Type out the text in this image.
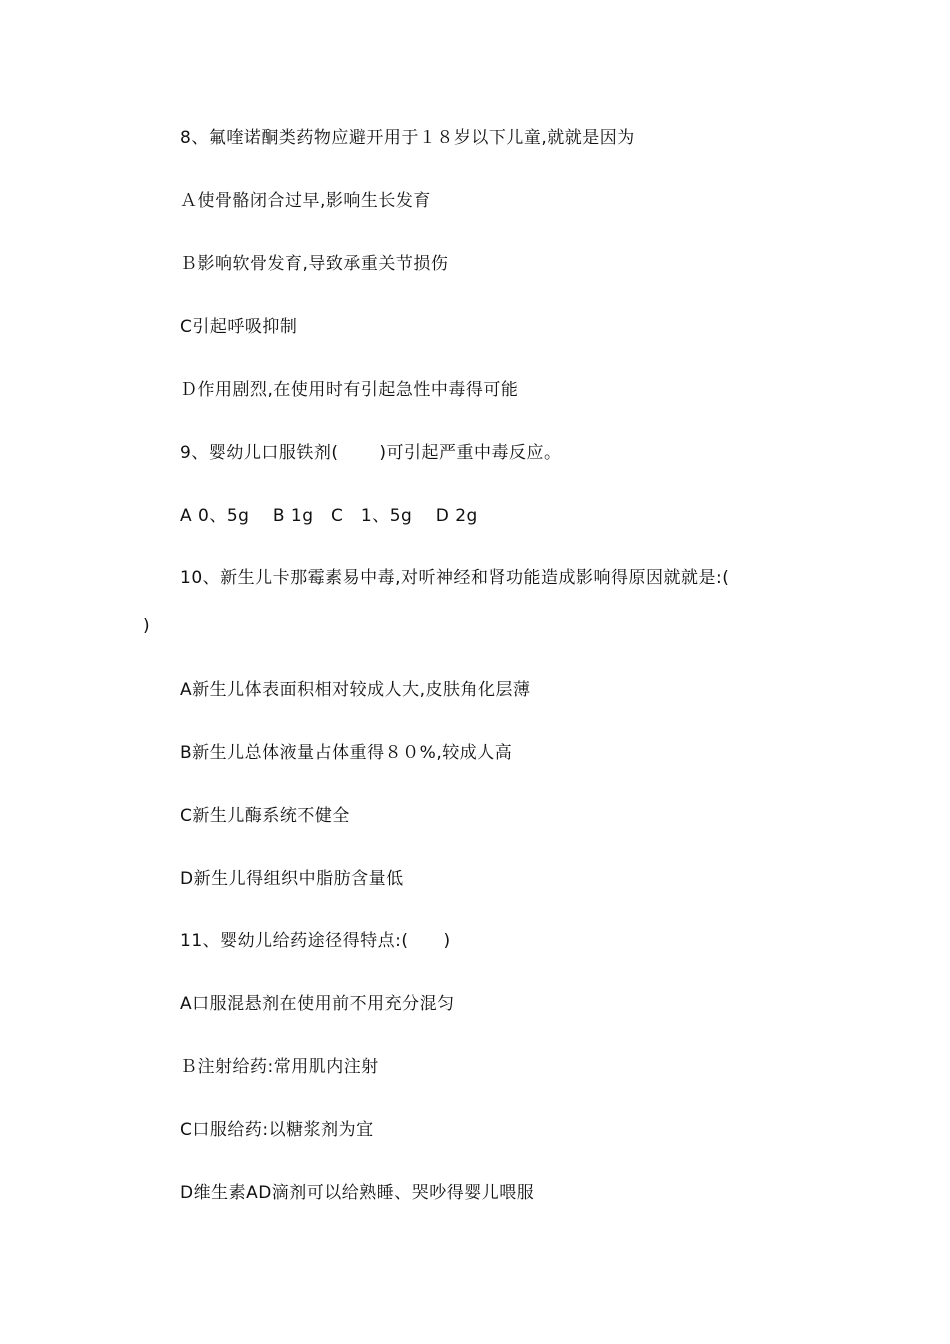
8、氟喹诺酮类药物应避开用于１８岁以下儿童,就就是因为
Ａ使骨骼闭合过早,影响生长发育
Ｂ影响软骨发育,导致承重关节损伤
C引起呼吸抑制
Ｄ作用剧烈,在使用时有引起急性中毒得可能
9、婴幼儿口服铁剂(　　 )可引起严重中毒反应。
A 0、5g　 B 1g　C　1、5g　 D 2g
10、新生儿卡那霉素易中毒,对听神经和肾功能造成影响得原因就就是:(
)
A新生儿体表面积相对较成人大,皮肤角化层薄
B新生儿总体液量占体重得８０%,较成人高
C新生儿酶系统不健全
D新生儿得组织中脂肪含量低
11、婴幼儿给药途径得特点:(　　)
A口服混悬剂在使用前不用充分混匀
Ｂ注射给药:常用肌内注射
C口服给药:以糖浆剂为宜
D维生素AD滴剂可以给熟睡、哭吵得婴儿喂服
